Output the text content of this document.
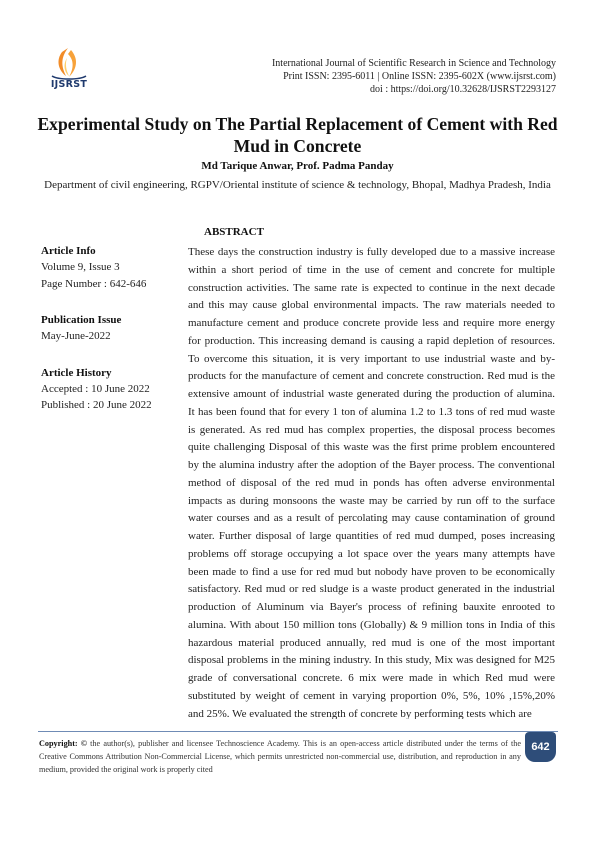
IJSRST
International Journal of Scientific Research in Science and Technology
Print ISSN: 2395-6011 | Online ISSN: 2395-602X (www.ijsrst.com)
doi : https://doi.org/10.32628/IJSRST2293127
Experimental Study on The Partial Replacement of Cement with Red Mud in Concrete
Md Tarique Anwar, Prof. Padma Panday
Department of civil engineering, RGPV/Oriental institute of science & technology, Bhopal, Madhya Pradesh, India

Article Info

Volume 9, Issue 3

Page Number : 642-646

Publication Issue

May-June-2022

Article History

Accepted : 10 June 2022

Published : 20 June 2022

ABSTRACT
These days the construction industry is fully developed due to a massive increase within a short period of time in the use of cement and concrete for multiple construction activities. The same rate is expected to continue in the next decade and this may cause global environmental impacts. The raw materials needed to manufacture cement and produce concrete provide less and require more energy for production. This increasing demand is causing a rapid depletion of resources. To overcome this situation, it is very important to use industrial waste and by-products for the manufacture of cement and concrete construction. Red mud is the extensive amount of industrial waste generated during the production of alumina. It has been found that for every 1 ton of alumina 1.2 to 1.3 tons of red mud waste is generated. As red mud has complex properties, the disposal process becomes quite challenging Disposal of this waste was the first prime problem encountered by the alumina industry after the adoption of the Bayer process. The conventional method of disposal of the red mud in ponds has often adverse environmental impacts as during monsoons the waste may be carried by run off to the surface water courses and as a result of percolating may cause contamination of ground water. Further disposal of large quantities of red mud dumped, poses increasing problems off storage occupying a lot space over the years many attempts have been made to find a use for red mud but nobody have proven to be economically satisfactory. Red mud or red sludge is a waste product generated in the industrial production of Aluminum via Bayer's process of refining bauxite enrooted to alumina. With about 150 million tons (Globally) & 9 million tons in India of this hazardous material produced annually, red mud is one of the most important disposal problems in the mining industry. In this study, Mix was designed for M25 grade of conversational concrete. 6 mix were made in which Red mud were substituted by weight of cement in varying proportion 0%, 5%, 10% ,15%,20% and 25%. We evaluated the strength of concrete by performing tests which are
Copyright: © the author(s), publisher and licensee Technoscience Academy. This is an open-access article distributed under the terms of the Creative Commons Attribution Non-Commercial License, which permits unrestricted non-commercial use, distribution, and reproduction in any medium, provided the original work is properly cited
642
